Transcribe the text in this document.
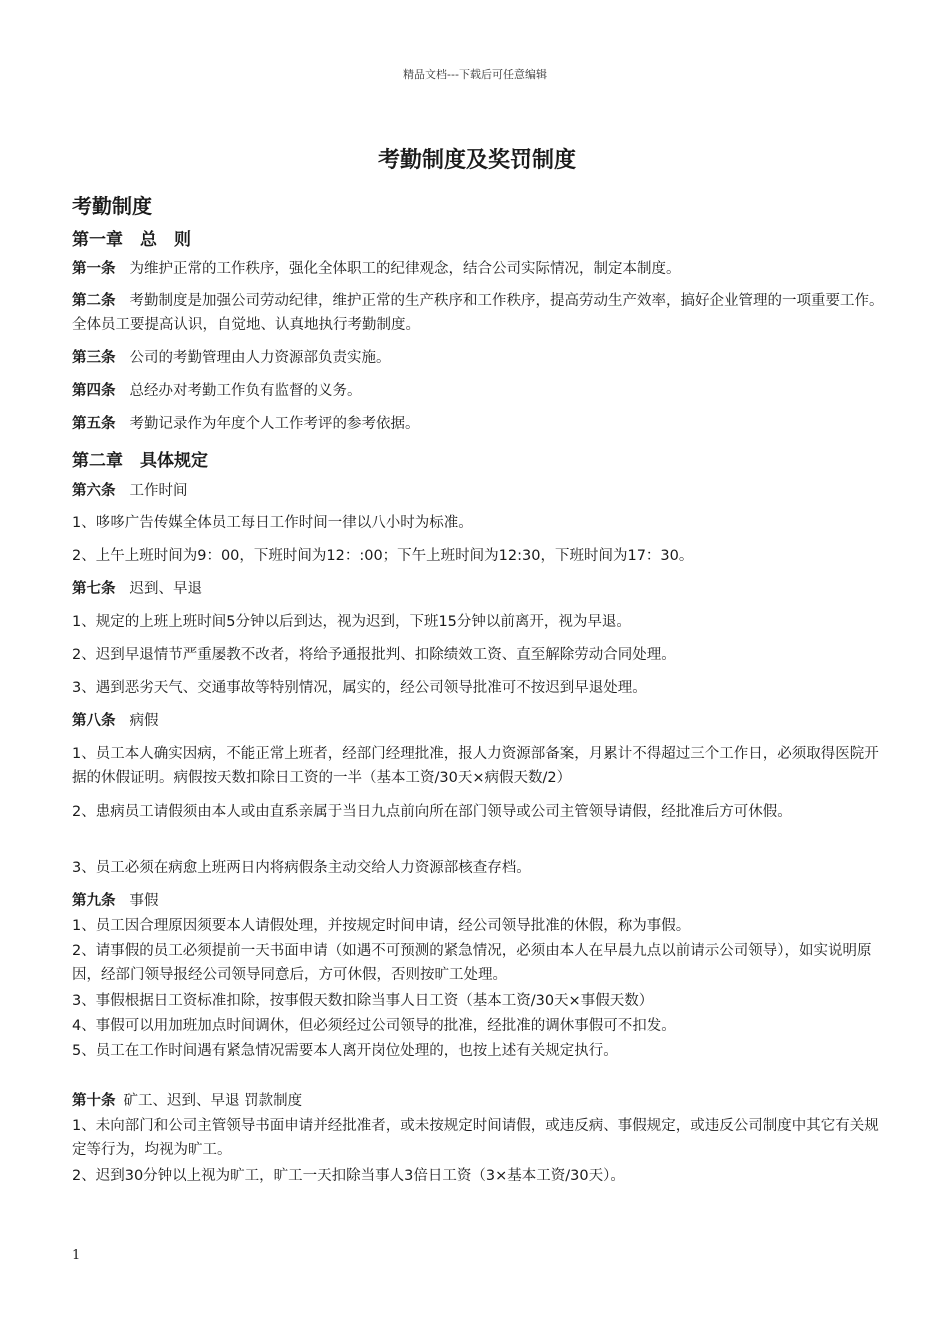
精品文档---下载后可任意编辑
考勤制度及奖罚制度
考勤制度
第一章　 总　则

第一条 为维护正常的工作秩序，强化全体职工的纪律观念，结合公司实际情况，制定本制度。

第二条 考勤制度是加强公司劳动纪律，维护正常的生产秩序和工作秩序，提高劳动生产效率，搞好企业管理的一项重要工作。全体员工要提高认识，自觉地、认真地执行考勤制度。

第三条 公司的考勤管理由人力资源部负责实施。

第四条 总经办对考勤工作负有监督的义务。

第五条 考勤记录作为年度个人工作考评的参考依据。

第二章　 具体规定

第六条 工作时间

1、哆哆广告传媒全体员工每日工作时间一律以八小时为标准。

2、上午上班时间为9：00，下班时间为12：:00；下午上班时间为12:30，下班时间为17：30。

第七条 迟到、早退

1、规定的上班上班时间5分钟以后到达，视为迟到，下班15分钟以前离开，视为早退。

2、迟到早退情节严重屡教不改者，将给予通报批判、扣除绩效工资、直至解除劳动合同处理。

3、遇到恶劣天气、交通事故等特别情况，属实的，经公司领导批准可不按迟到早退处理。

第八条 病假

1、员工本人确实因病，不能正常上班者，经部门经理批准，报人力资源部备案，月累计不得超过三个工作日，必须取得医院开据的休假证明。病假按天数扣除日工资的一半（基本工资/30天×病假天数/2）

2、患病员工请假须由本人或由直系亲属于当日九点前向所在部门领导或公司主管领导请假，经批准后方可休假。

3、员工必须在病愈上班两日内将病假条主动交给人力资源部核查存档。

第九条 事假

1、员工因合理原因须要本人请假处理，并按规定时间申请，经公司领导批准的休假，称为事假。

2、请事假的员工必须提前一天书面申请（如遇不可预测的紧急情况，必须由本人在早晨九点以前请示公司领导），如实说明原因，经部门领导报经公司领导同意后，方可休假，否则按旷工处理。

3、事假根据日工资标准扣除，按事假天数扣除当事人日工资（基本工资/30天×事假天数）

4、事假可以用加班加点时间调休，但必须经过公司领导的批准，经批准的调休事假可不扣发。

5、员工在工作时间遇有紧急情况需要本人离开岗位处理的，也按上述有关规定执行。

第十条 矿工、迟到、早退 罚款制度

1、未向部门和公司主管领导书面申请并经批准者，或未按规定时间请假，或违反病、事假规定，或违反公司制度中其它有关规定等行为，均视为旷工。

2、迟到30分钟以上视为旷工，旷工一天扣除当事人3倍日工资（3×基本工资/30天）。

1
